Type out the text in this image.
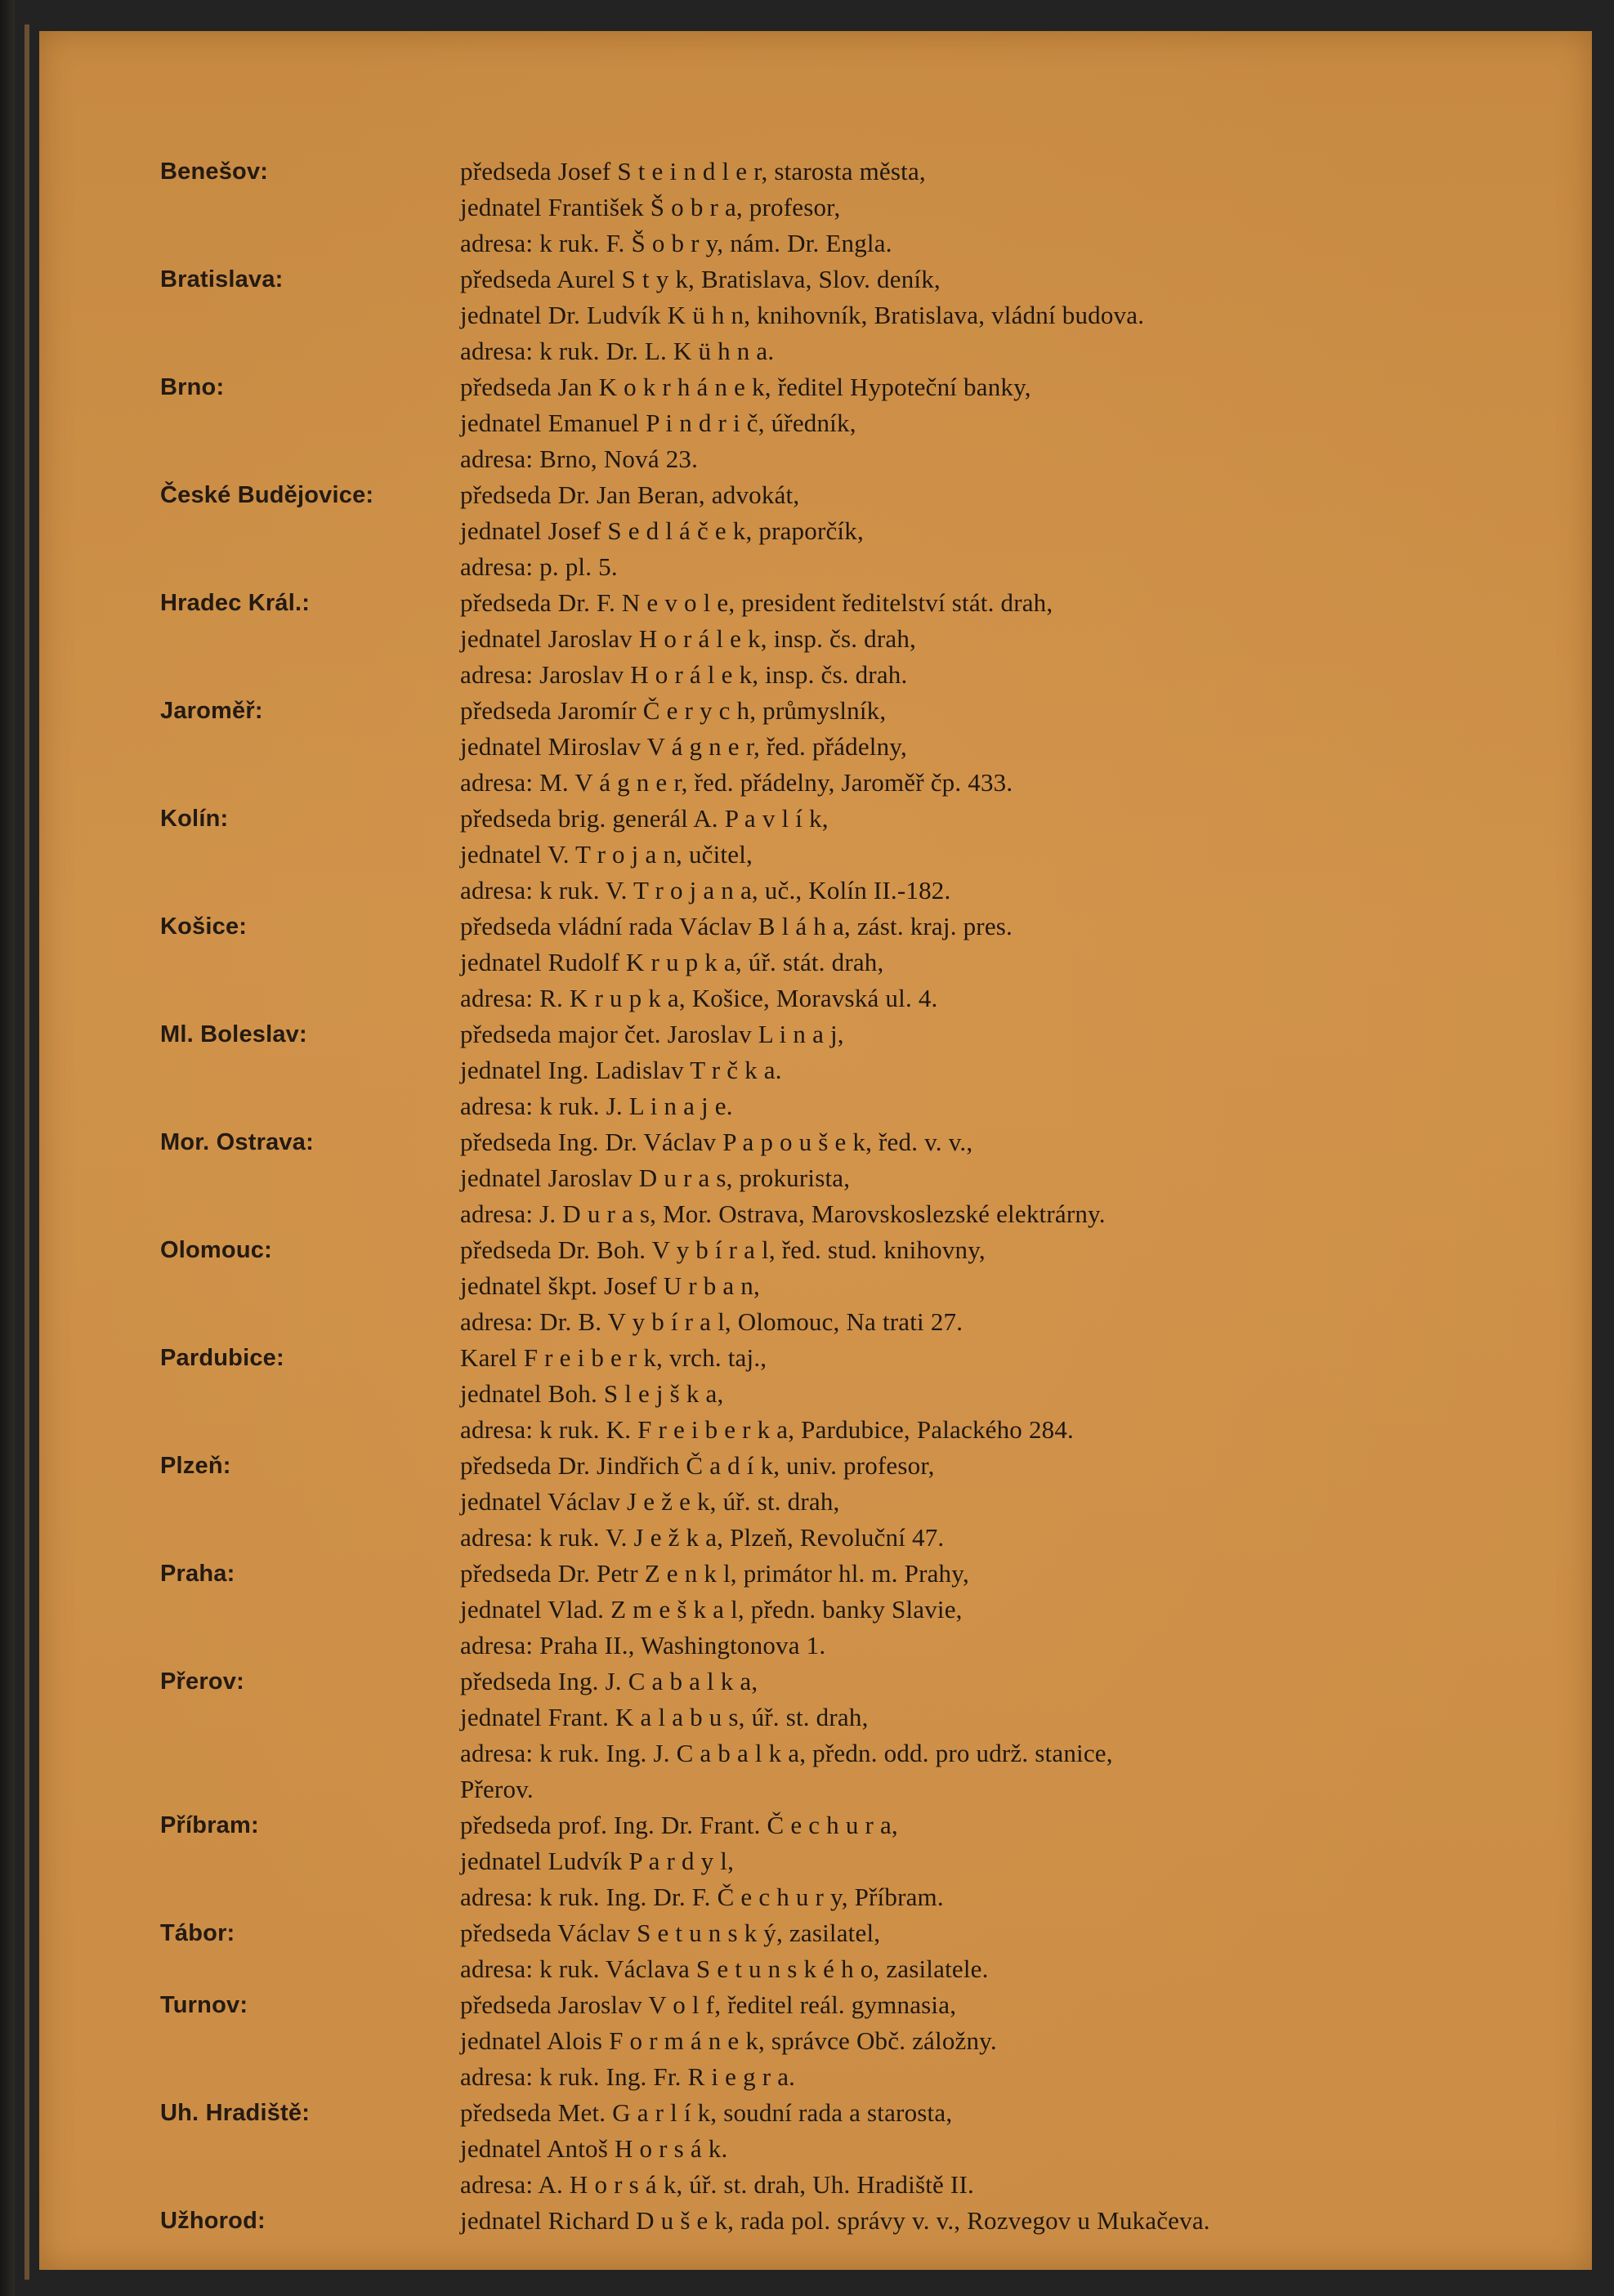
Benešov:	předseda Josef S t e i n d l e r, starosta města,
jednatel František Š o b r a, profesor,
adresa: k ruk. F. Š o b r y, nám. Dr. Engla.
Bratislava:	předseda Aurel S t y k, Bratislava, Slov. deník,
jednatel Dr. Ludvík K ü h n, knihovník, Bratislava, vládní budova.
adresa: k ruk. Dr. L. K ü h n a.
Brno:	předseda Jan K o k r h á n e k, ředitel Hypoteční banky,
jednatel Emanuel P i n d r i č, úředník,
adresa: Brno, Nová 23.
České Budějovice:	předseda Dr. Jan Beran, advokát,
jednatel Josef S e d l á č e k, praporčík,
adresa: p. pl. 5.
Hradec Král.:	předseda Dr. F. N e v o l e, president ředitelství stát. drah,
jednatel Jaroslav H o r á l e k, insp. čs. drah,
adresa: Jaroslav H o r á l e k, insp. čs. drah.
Jaroměř:	předseda Jaromír Č e r y c h, průmyslník,
jednatel Miroslav V á g n e r, řed. přádelny,
adresa: M. V á g n e r, řed. přádelny, Jaroměř čp. 433.
Kolín:	předseda brig. generál A. P a v l í k,
jednatel V. T r o j a n, učitel,
adresa: k ruk. V. T r o j a n a, uč., Kolín II.-182.
Košice:	předseda vládní rada Václav B l á h a, zást. kraj. pres.
jednatel Rudolf K r u p k a, úř. stát. drah,
adresa: R. K r u p k a, Košice, Moravská ul. 4.
Ml. Boleslav:	předseda major čet. Jaroslav L i n a j,
jednatel Ing. Ladislav T r č k a.
adresa: k ruk. J. L i n a j e.
Mor. Ostrava:	předseda Ing. Dr. Václav P a p o u š e k, řed. v. v.,
jednatel Jaroslav D u r a s, prokurista,
adresa: J. D u r a s, Mor. Ostrava, Marovskoslezské elektrárny.
Olomouc:	předseda Dr. Boh. V y b í r a l, řed. stud. knihovny,
jednatel škpt. Josef U r b a n,
adresa: Dr. B. V y b í r a l, Olomouc, Na trati 27.
Pardubice:	Karel F r e i b e r k, vrch. taj.,
jednatel Boh. S l e j š k a,
adresa: k ruk. K. F r e i b e r k a, Pardubice, Palackého 284.
Plzeň:	předseda Dr. Jindřich Č a d í k, univ. profesor,
jednatel Václav J e ž e k, úř. st. drah,
adresa: k ruk. V. J e ž k a, Plzeň, Revoluční 47.
Praha:	předseda Dr. Petr Z e n k l, primátor hl. m. Prahy,
jednatel Vlad. Z m e š k a l, předn. banky Slavie,
adresa: Praha II., Washingtonova 1.
Přerov:	předseda Ing. J. C a b a l k a,
jednatel Frant. K a l a b u s, úř. st. drah,
adresa: k ruk. Ing. J. C a b a l k a, předn. odd. pro udrž. stanice,
Přerov.
Příbram:	předseda prof. Ing. Dr. Frant. Č e c h u r a,
jednatel Ludvík P a r d y l,
adresa: k ruk. Ing. Dr. F. Č e c h u r y, Příbram.
Tábor:	předseda Václav S e t u n s k ý, zasilatel,
adresa: k ruk. Václava S e t u n s k é h o, zasilatele.
Turnov:	předseda Jaroslav V o l f, ředitel reál. gymnasia,
jednatel Alois F o r m á n e k, správce Obč. záložny.
adresa: k ruk. Ing. Fr. R i e g r a.
Uh. Hradiště:	předseda Met. G a r l í k, soudní rada a starosta,
jednatel Antoš H o r s á k.
adresa: A. H o r s á k, úř. st. drah, Uh. Hradiště II.
Užhorod:	jednatel Richard D u š e k, rada pol. správy v. v., Rozvegov u Mukačeva.
